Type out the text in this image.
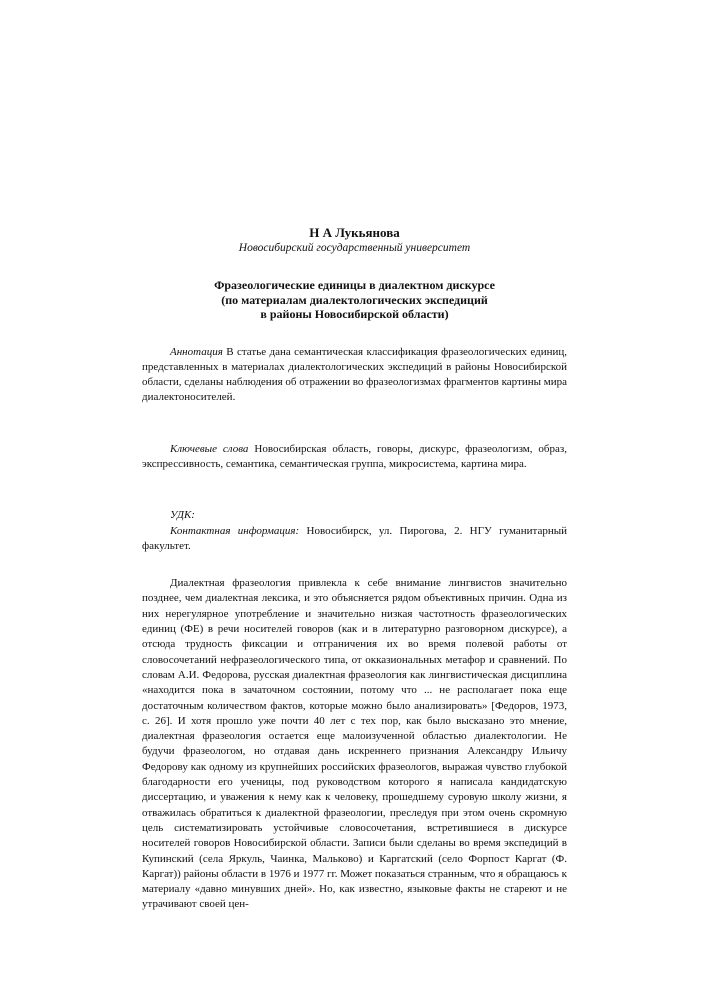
Н А Лукьянова
Новосибирский государственный университет
Фразеологические единицы в диалектном дискурсе
(по материалам диалектологических экспедиций
в районы Новосибирской области)

Аннотация В статье дана семантическая классификация фразеологических единиц, представленных в материалах диалектологических экспедиций в районы Новосибирской области, сделаны наблюдения об отражении во фразеологизмах фрагментов картины мира диалектоносителей.

Ключевые слова Новосибирская область, говоры, дискурс, фразеологизм, образ, экспрессивность, семантика, семантическая группа, микросистема, картина мира.

УДК:

Контактная информация: Новосибирск, ул. Пирогова, 2. НГУ гуманитарный факультет.

Диалектная фразеология привлекла к себе внимание лингвистов значительно позднее, чем диалектная лексика, и это объясняется рядом объективных причин. Одна из них нерегулярное употребление и значительно низкая частотность фразеологических единиц (ФЕ) в речи носителей говоров (как и в литературно разговорном дискурсе), а отсюда трудность фиксации и отграничения их во время полевой работы от словосочетаний нефразеологического типа, от окказиональных метафор и сравнений. По словам А.И. Федорова, русская диалектная фразеология как лингвистическая дисциплина «находится пока в зачаточном состоянии, потому что ... не располагает пока еще достаточным количеством фактов, которые можно было анализировать» [Федоров, 1973, с. 26]. И хотя прошло уже почти 40 лет с тех пор, как было высказано это мнение, диалектная фразеология остается еще малоизученной областью диалектологии. Не будучи фразеологом, но отдавая дань искреннего признания Александру Ильичу Федорову как одному из крупнейших российских фразеологов, выражая чувство глубокой благодарности его ученицы, под руководством которого я написала кандидатскую диссертацию, и уважения к нему как к человеку, прошедшему суровую школу жизни, я отважилась обратиться к диалектной фразеологии, преследуя при этом очень скромную цель систематизировать устойчивые словосочетания, встретившиеся в дискурсе носителей говоров Новосибирской области. Записи были сделаны во время экспедиций в Купинский (села Яркуль, Чаинка, Мальково) и Каргатский (село Форпост Каргат (Ф. Каргат)) районы области в 1976 и 1977 гг. Может показаться странным, что я обращаюсь к материалу «давно минувших дней». Но, как известно, языковые факты не стареют и не утрачивают своей цен-
